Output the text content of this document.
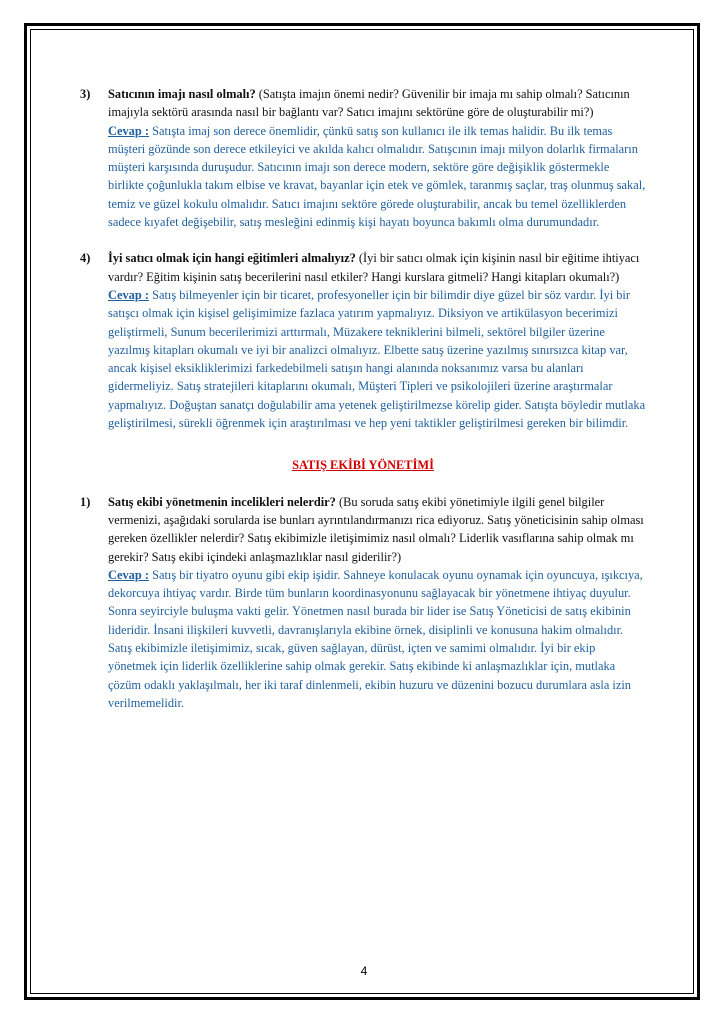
3) Satıcının imajı nasıl olmalı? (Satışta imajın önemi nedir? Güvenilir bir imaja mı sahip olmalı? Satıcının imajıyla sektörü arasında nasıl bir bağlantı var? Satıcı imajını sektörüne göre de oluşturabilir mi?)
Cevap : Satışta imaj son derece önemlidir, çünkü satış son kullanıcı ile ilk temas halidir. Bu ilk temas müşteri gözünde son derece etkileyici ve akılda kalıcı olmalıdır. Satışcının imajı milyon dolarlık firmaların müşteri karşısında duruşudur. Satıcının imajı son derece modern, sektöre göre değişiklik göstermekle birlikte çoğunlukla takım elbise ve kravat, bayanlar için etek ve gömlek, taranmış saçlar, traş olunmuş sakal, temiz ve güzel kokulu olmalıdır. Satıcı imajını sektöre görede oluşturabilir, ancak bu temel özelliklerden sadece kıyafet değişebilir, satış mesleğini edinmiş kişi hayatı boyunca bakımlı olma durumundadır.
4) İyi satıcı olmak için hangi eğitimleri almalıyız? (İyi bir satıcı olmak için kişinin nasıl bir eğitime ihtiyacı vardır? Eğitim kişinin satış becerilerini nasıl etkiler? Hangi kurslara gitmeli? Hangi kitapları okumalı?)
Cevap : Satış bilmeyenler için bir ticaret, profesyoneller için bir bilimdir diye güzel bir söz vardır. İyi bir satışcı olmak için kişisel gelişimimize fazlaca yatırım yapmalıyız. Diksiyon ve artikülasyon becerimizi geliştirmeli, Sunum becerilerimizi arttırmalı, Müzakere tekniklerini bilmeli, sektörel bilgiler üzerine yazılmış kitapları okumalı ve iyi bir analizci olmalıyız. Elbette satış üzerine yazılmış sınırsızca kitap var, ancak kişisel eksikliklerimizi farkedebilmeli satışın hangi alanında noksanımız varsa bu alanları gidermeliyiz. Satış stratejileri kitaplarını okumalı, Müşteri Tipleri ve psikolojileri üzerine araştırmalar yapmalıyız. Doğuştan sanatçı doğulabilir ama yetenek geliştirilmezse körelip gider. Satışta böyledir mutlaka geliştirilmesi, sürekli öğrenmek için araştırılması ve hep yeni taktikler geliştirilmesi gereken bir bilimdir.
SATIŞ EKİBİ YÖNETİMİ
1) Satış ekibi yönetmenin incelikleri nelerdir? (Bu soruda satış ekibi yönetimiyle ilgili genel bilgiler vermenizi, aşağıdaki sorularda ise bunları ayrıntılandırmanızı rica ediyoruz. Satış yöneticisinin sahip olması gereken özellikler nelerdir? Satış ekibimizle iletişimimiz nasıl olmalı? Liderlik vasıflarına sahip olmak mı gerekir? Satış ekibi içindeki anlaşmazlıklar nasıl giderilir?)
Cevap : Satış bir tiyatro oyunu gibi ekip işidir. Sahneye konulacak oyunu oynamak için oyuncuya, ışıkcıya, dekorcuya ihtiyaç vardır. Birde tüm bunların koordinasyonunu sağlayacak bir yönetmene ihtiyaç duyulur. Sonra seyirciyle buluşma vakti gelir. Yönetmen nasıl burada bir lider ise Satış Yöneticisi de satış ekibinin lideridir. İnsani ilişkileri kuvvetli, davranışlarıyla ekibine örnek, disiplinli ve konusuna hakim olmalıdır. Satış ekibimizle iletişimimiz, sıcak, güven sağlayan, dürüst, içten ve samimi olmalıdır. İyi bir ekip yönetmek için liderlik özelliklerine sahip olmak gerekir. Satış ekibinde ki anlaşmazlıklar için, mutlaka çözüm odaklı yaklaşılmalı, her iki taraf dinlenmeli, ekibin huzuru ve düzenini bozucu durumlara asla izin verilmemelidir.
4
